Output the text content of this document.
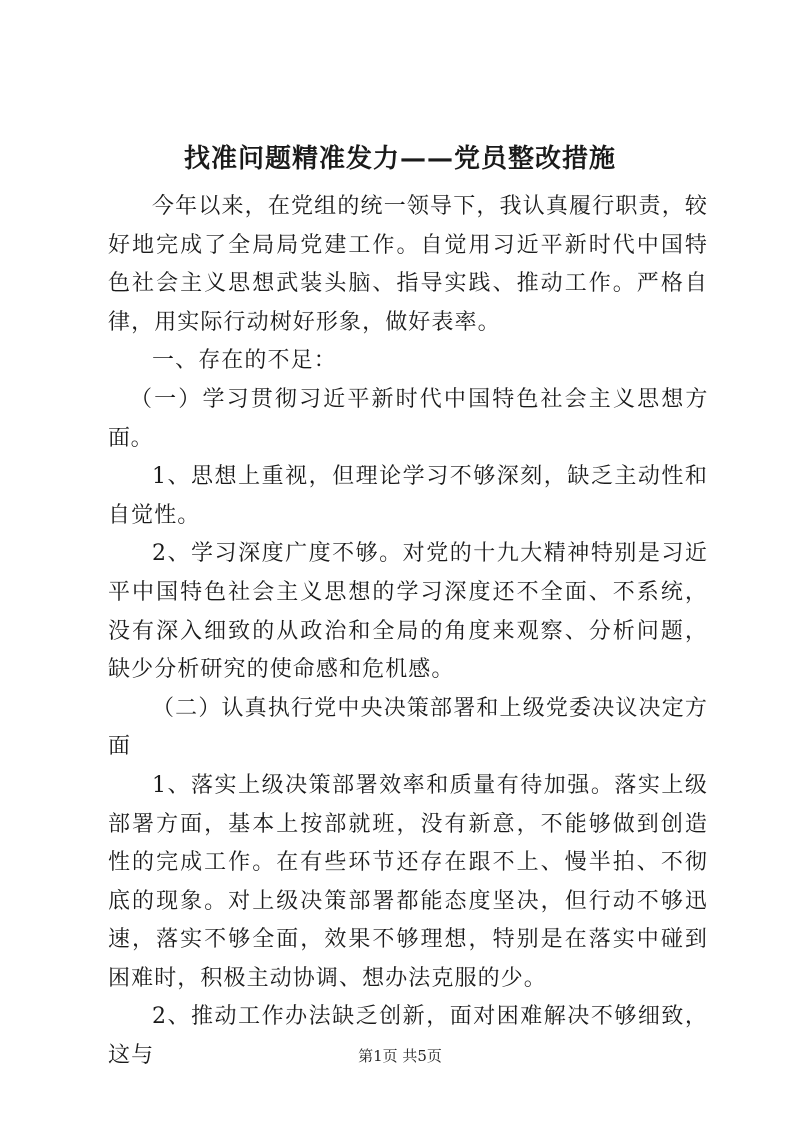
找准问题精准发力——党员整改措施

今年以来，在党组的统一领导下，我认真履行职责，较好地完成了全局局党建工作。自觉用习近平新时代中国特色社会主义思想武装头脑、指导实践、推动工作。严格自律，用实际行动树好形象，做好表率。

一、存在的不足：

（一）学习贯彻习近平新时代中国特色社会主义思想方面。

1、思想上重视，但理论学习不够深刻，缺乏主动性和自觉性。

2、学习深度广度不够。对党的十九大精神特别是习近平中国特色社会主义思想的学习深度还不全面、不系统，没有深入细致的从政治和全局的角度来观察、分析问题，缺少分析研究的使命感和危机感。

（二）认真执行党中央决策部署和上级党委决议决定方面

1、落实上级决策部署效率和质量有待加强。落实上级部署方面，基本上按部就班，没有新意，不能够做到创造性的完成工作。在有些环节还存在跟不上、慢半拍、不彻底的现象。对上级决策部署都能态度坚决，但行动不够迅速，落实不够全面，效果不够理想，特别是在落实中碰到困难时，积极主动协调、想办法克服的少。

2、推动工作办法缺乏创新，面对困难解决不够细致，这与	第1页 共5页
